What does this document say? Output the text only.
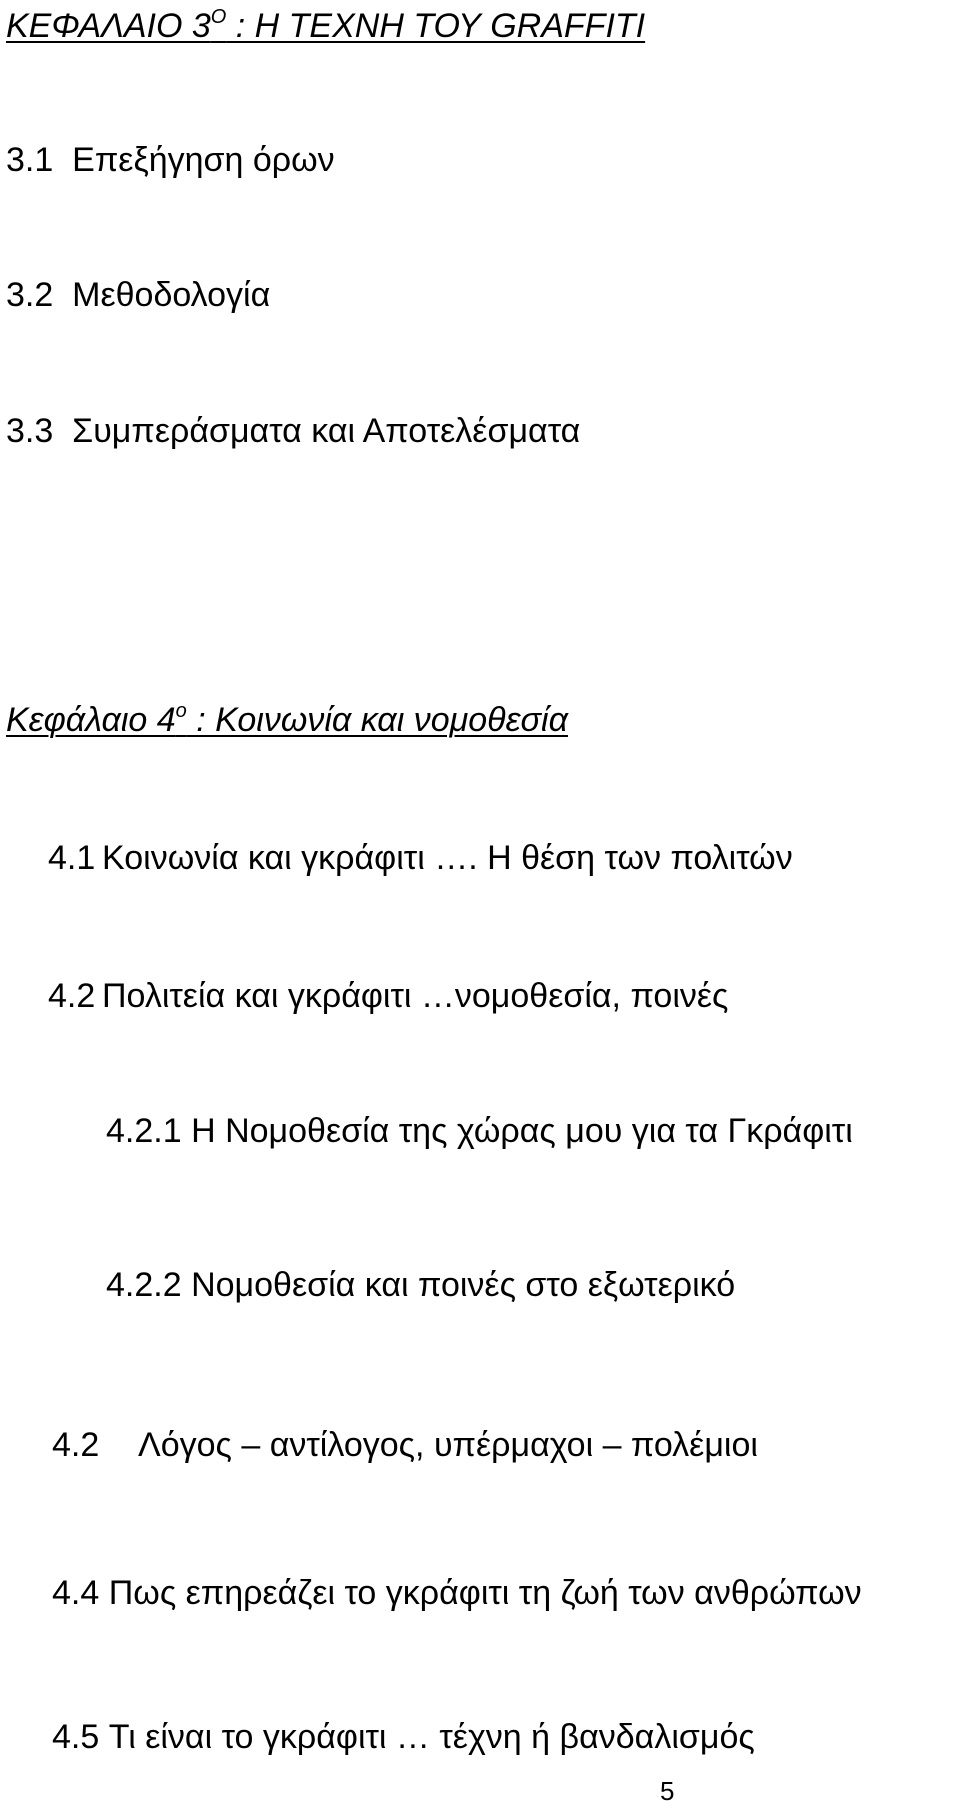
ΚΕΦΑΛΑΙΟ $3^O$ : Η ΤΕΧΝΗ ΤΟΥ GRAFFITI
3.1 Επεξήγηση όρων
3.2 Μεθοδολογία
3.3 Συμπεράσματα και Αποτελέσματα
Κεφάλαιο $4^o$ : Κοινωνία και νομοθεσία
4.1 Κοινωνία και γκράφιτι …. Η θέση των πολιτών
4.2 Πολιτεία και γκράφιτι …νομοθεσία, ποινές
4.2.1 Η Νομοθεσία της χώρας μου για τα Γκράφιτι
4.2.2 Νομοθεσία και ποινές στο εξωτερικό
4.2 Λόγος – αντίλογος, υπέρμαχοι – πολέμιοι
4.4 Πως επηρεάζει το γκράφιτι τη ζωή των ανθρώπων
4.5 Τι είναι το γκράφιτι … τέχνη ή βανδαλισμός
5
